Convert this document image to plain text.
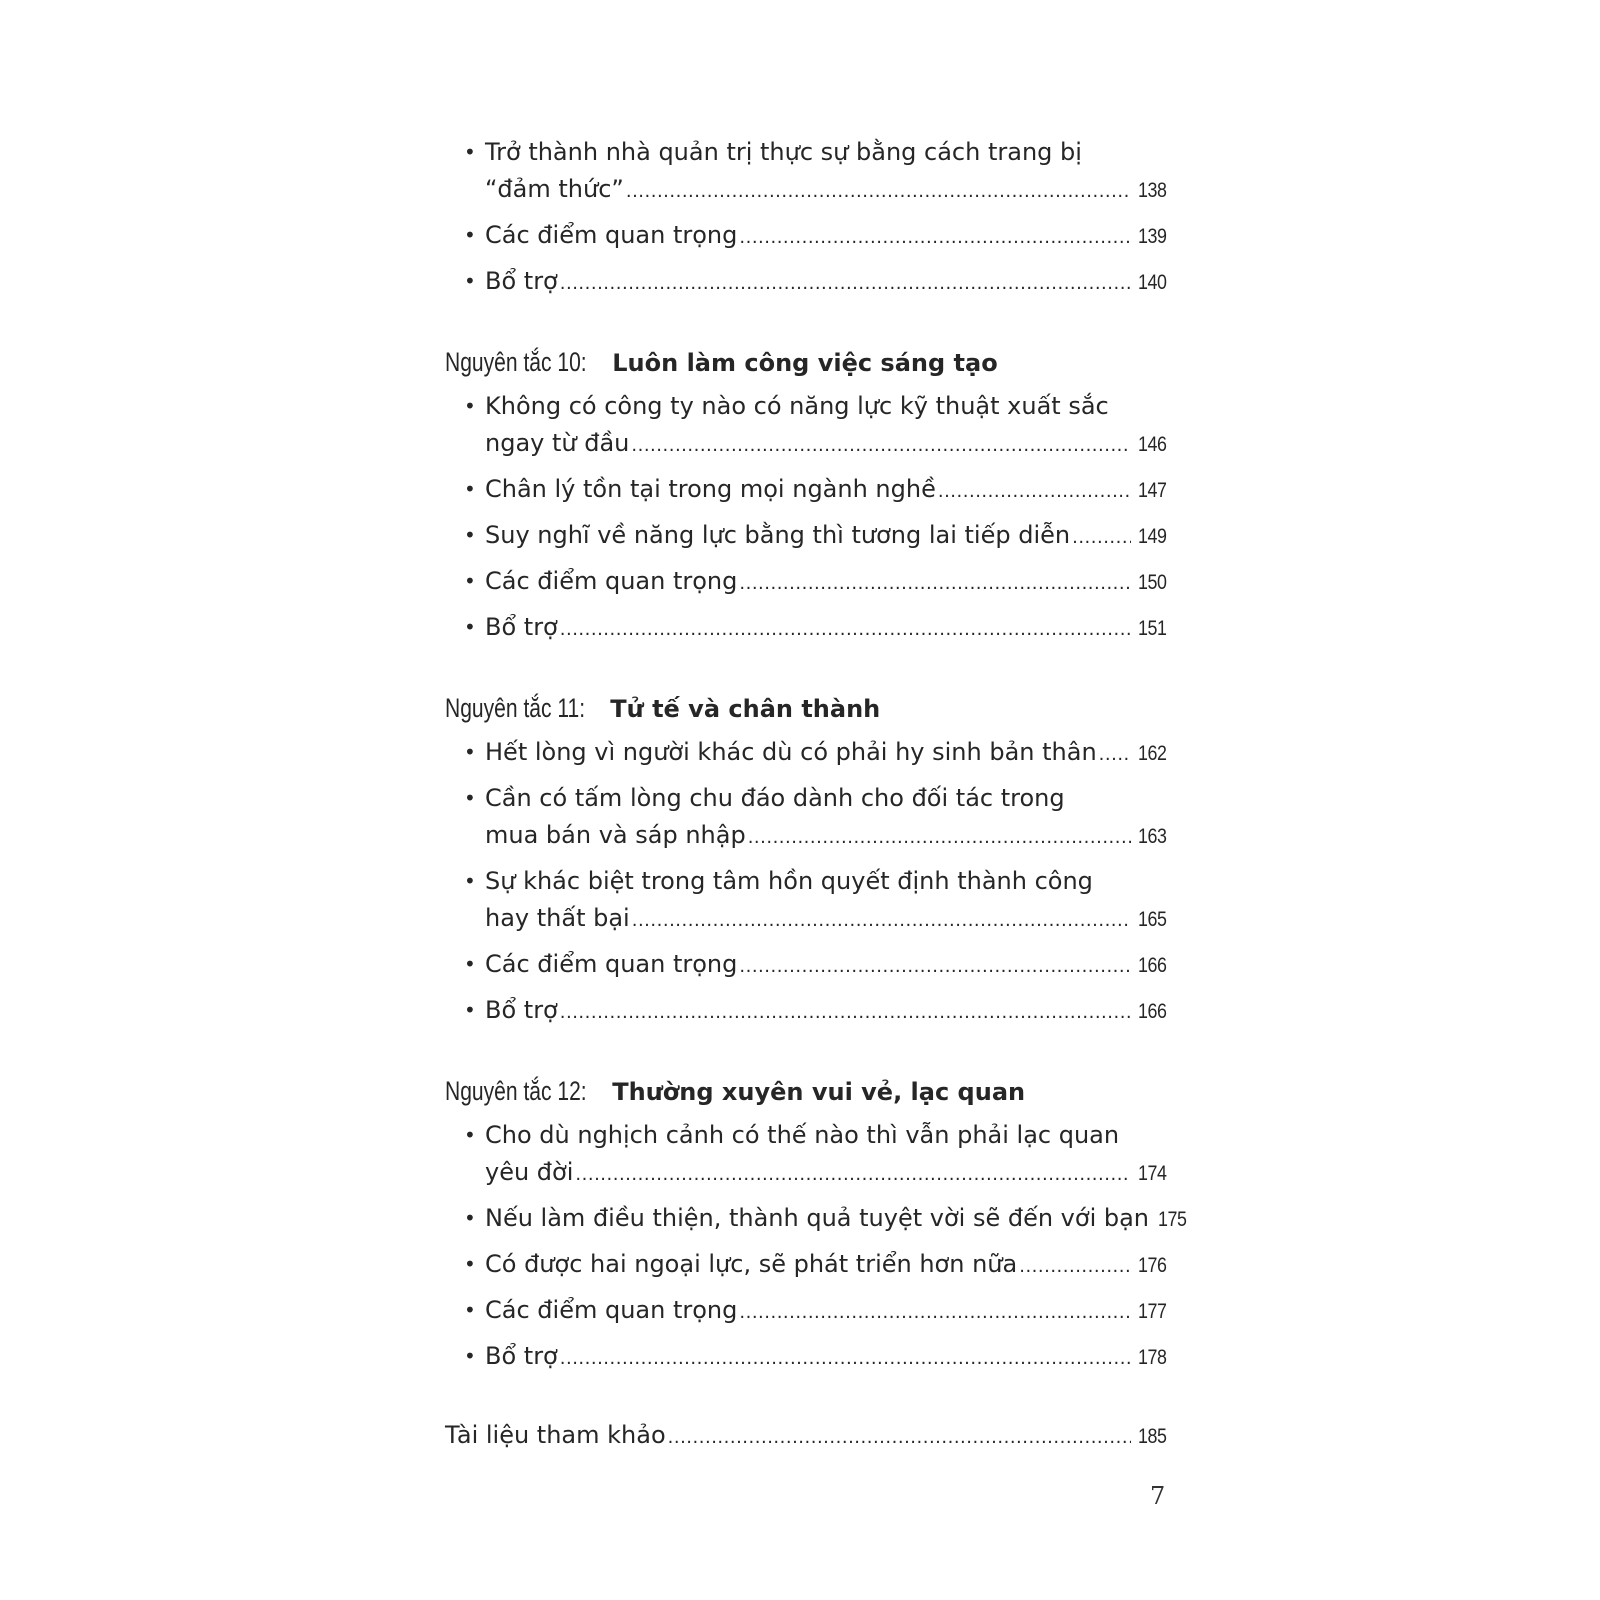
• Trở thành nhà quản trị thực sự bằng cách trang bị
“đảm thức” .....	138
• Các điểm quan trọng .....	139
• Bổ trợ .....	140
Nguyên tắc 10: Luôn làm công việc sáng tạo
• Không có công ty nào có năng lực kỹ thuật xuất sắc
ngay từ đầu .....	146
• Chân lý tồn tại trong mọi ngành nghề .....	147
• Suy nghĩ về năng lực bằng thì tương lai tiếp diễn .....	149
• Các điểm quan trọng .....	150
• Bổ trợ .....	151
Nguyên tắc 11: Tử tế và chân thành
• Hết lòng vì người khác dù có phải hy sinh bản thân ..... 162
• Cần có tấm lòng chu đáo dành cho đối tác trong
mua bán và sáp nhập .....	163
• Sự khác biệt trong tâm hồn quyết định thành công
hay thất bại .....	165
• Các điểm quan trọng .....	166
• Bổ trợ .....	166
Nguyên tắc 12: Thường xuyên vui vẻ, lạc quan
• Cho dù nghịch cảnh có thế nào thì vẫn phải lạc quan
yêu đời .....	174
• Nếu làm điều thiện, thành quả tuyệt vời sẽ đến với bạn 175
• Có được hai ngoại lực, sẽ phát triển hơn nữa .....	176
• Các điểm quan trọng .....	177
• Bổ trợ .....	178
Tài liệu tham khảo .....	185
7
